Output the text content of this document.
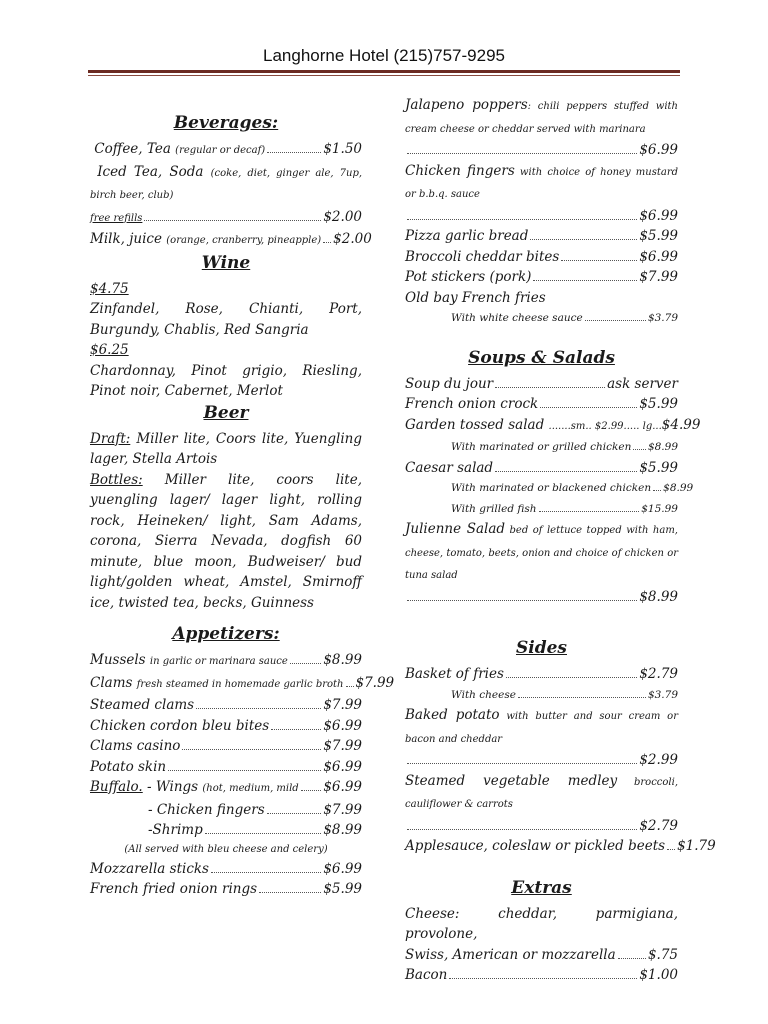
Langhorne Hotel (215)757-9295
Beverages:
Coffee, Tea (regular or decaf)	$1.50
Iced Tea, Soda (coke, diet, ginger ale, 7up, birch beer, club)
free refills	$2.00
Milk, juice (orange, cranberry, pineapple) $2.00
Wine
$4.75
Zinfandel, Rose, Chianti, Port, Burgundy, Chablis, Red Sangria
$6.25
Chardonnay, Pinot grigio, Riesling, Pinot noir, Cabernet, Merlot
Beer
Draft: Miller lite, Coors lite, Yuengling lager, Stella Artois
Bottles: Miller lite, coors lite, yuengling lager/ lager light, rolling rock, Heineken/ light, Sam Adams, corona, Sierra Nevada, dogfish 60 minute, blue moon, Budweiser/ bud light/golden wheat, Amstel, Smirnoff ice, twisted tea, becks, Guinness
Appetizers:
Mussels in garlic or marinara sauce	$8.99
Clams fresh steamed in homemade garlic broth $7.99
Steamed clams	$7.99
Chicken cordon bleu bites	$6.99
Clams casino	$7.99
Potato skin	$6.99
Buffalo. - Wings (hot, medium, mild $6.99
- Chicken fingers	$7.99
-Shrimp	$8.99
(All served with bleu cheese and celery)
Mozzarella sticks	$6.99
French fried onion rings	$5.99
Jalapeno poppers: chili peppers stuffed with cream cheese or cheddar served with marinara
$6.99
Chicken fingers with choice of honey mustard or b.b.q. sauce
$6.99
Pizza garlic bread	$5.99
Broccoli cheddar bites	$6.99
Pot stickers (pork)	$7.99
Old bay French fries
With white cheese sauce	$3.79
Soups & Salads
Soup du jour	ask server
French onion crock	$5.99
Garden tossed salad .......sm.. $2.99..... lg... $4.99
With marinated or grilled chicken $8.99
Caesar salad	$5.99
With marinated or blackened chicken $8.99
With grilled fish	$15.99
Julienne Salad bed of lettuce topped with ham, cheese, tomato, beets, onion and choice of chicken or tuna salad
$8.99
Sides
Basket of fries	$2.79
With cheese	$3.79
Baked potato with butter and sour cream or bacon and cheddar
$2.99
Steamed vegetable medley broccoli, cauliflower & carrots
$2.79
Applesauce, coleslaw or pickled beets $1.79
Extras
Cheese: cheddar, parmigiana, provolone,
Swiss, American or mozzarella $.75
Bacon	$1.00
